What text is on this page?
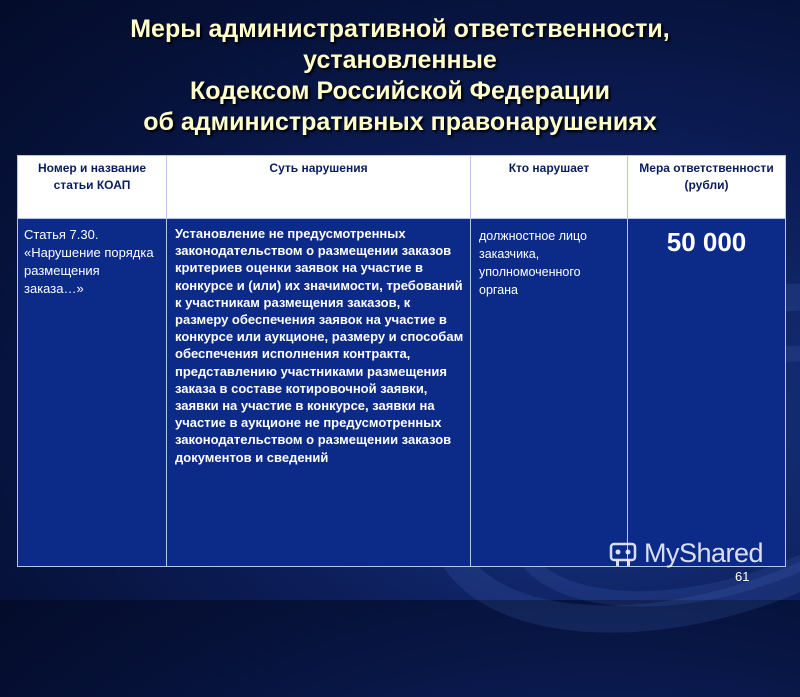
Меры административной ответственности,
установленные
Кодексом Российской Федерации
об административных правонарушениях
Номер и название статьи КОАП	Суть нарушения	Кто нарушает	Мера ответственности (рубли)
Статья 7.30. «Нарушение порядка размещения заказа…»	Установление не предусмотренных законодательством о размещении заказов критериев оценки заявок на участие в конкурсе и (или) их значимости, требований к участникам размещения заказов, к размеру обеспечения заявок на участие в конкурсе или аукционе, размеру и способам обеспечения исполнения контракта, представлению участниками размещения заказа в составе котировочной заявки, заявки на участие в конкурсе, заявки на участие в аукционе не предусмотренных законодательством о размещении заказов документов и сведений	должностное лицо заказчика, уполномоченного органа	50 000
MyShared
61
